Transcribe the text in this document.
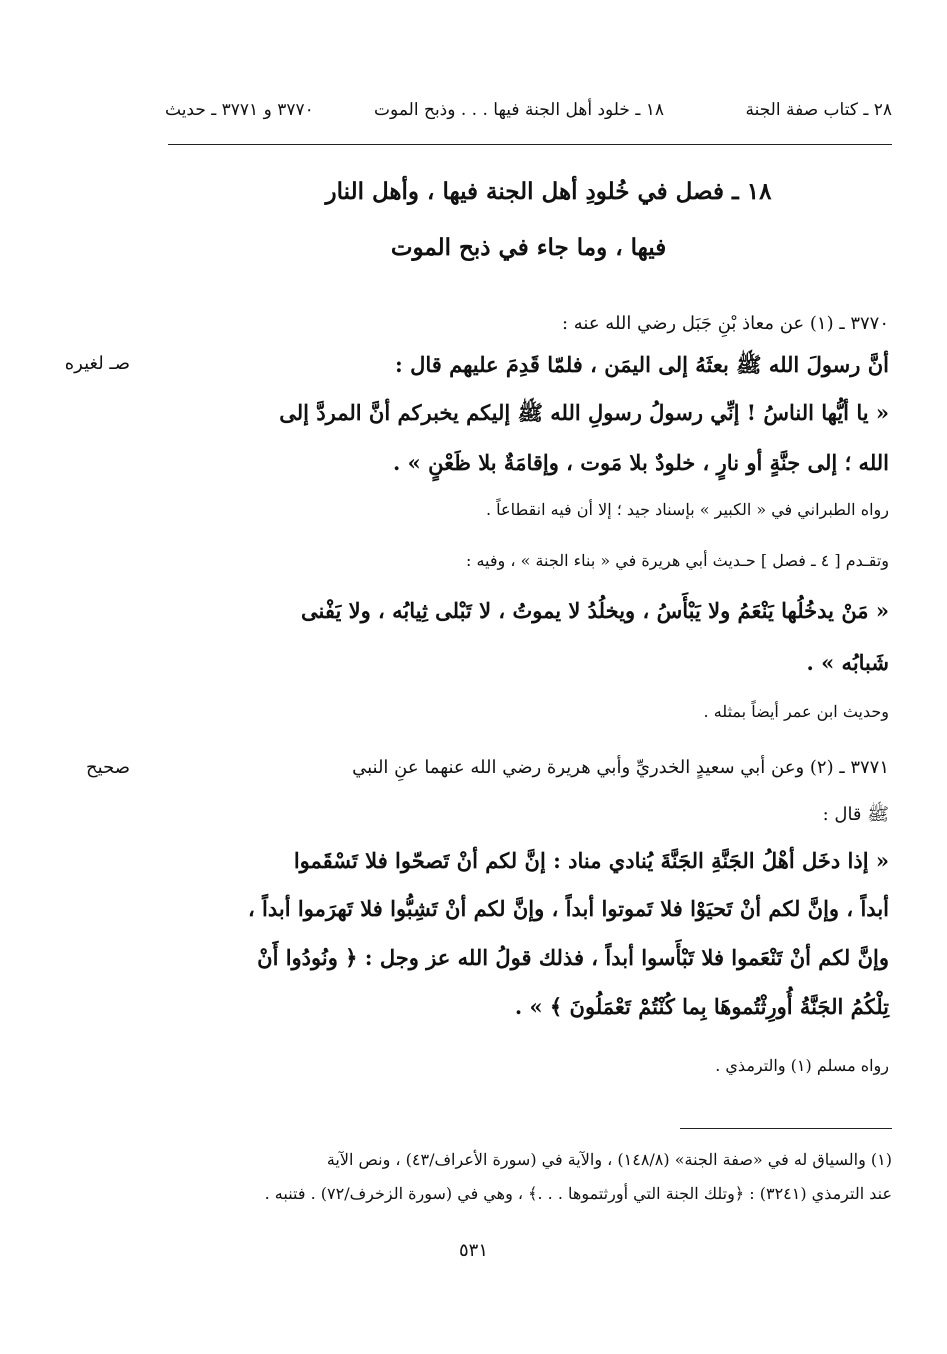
٢٨ ـ كتاب صفة الجنة
١٨ ـ خلود أهل الجنة فيها . . . وذبح الموت
٣٧٧٠ و ٣٧٧١ ـ حديث
١٨ ـ فصل في خُلودِ أهل الجنة فيها ، وأهل النار
فيها ، وما جاء في ذبح الموت
٣٧٧٠ ـ (١) عن معاذ بْنِ جَبَل رضي الله عنه :
صـ لغيره	أنَّ رسولَ الله ﷺ بعثَهُ إلى اليمَن ، فلمّا قَدِمَ عليهم قال :
« يا أيُّها الناسُ ! إنِّي رسولُ رسولِ الله ﷺ إليكم يخبركم أنَّ المردَّ إلى
الله ؛ إلى جنَّةٍ أو نارٍ ، خلودٌ بلا مَوت ، وإقامَةٌ بلا ظَعْنٍ » .
رواه الطبراني في « الكبير » بإسناد جيد ؛ إلا أن فيه انقطاعاً .
وتقـدم [ ٤ ـ فصل ] حـديث أبي هريرة في « بناء الجنة » ، وفيه :
« مَنْ يدخُلُها يَنْعَمُ ولا يَبْأَسُ ، ويخلُدُ لا يموتُ ، لا تَبْلى ثِيابُه ، ولا يَفْنى
شَبابُه » .
وحديث ابن عمر أيضاً بمثله .
٣٧٧١ ـ (٢) وعن أبي سعيدٍ الخدريِّ وأبي هريرة رضي الله عنهما عنِ النبي
صحيح
ﷺ قال :
« إذا دخَل أهْلُ الجَنَّةِ الجَنَّةَ يُنادي مناد : إنَّ لكم أنْ تَصحّوا فلا تَسْقَموا
أبداً ، وإنَّ لكم أنْ تَحيَوْا فلا تَموتوا أبداً ، وإنَّ لكم أنْ تَشِبُّوا فلا تَهرَموا أبداً ،
وإنَّ لكم أنْ تَنْعَموا فلا تَبْأَسوا أبداً ، فذلك قولُ الله عز وجل : ﴿ ونُودُوا أَنْ
تِلْكُمُ الجَنَّةُ أُورِثْتُموهَا بِما كُنْتُمْ تَعْمَلُونَ ﴾ » .
رواه مسلم (١) والترمذي .
(١) والسياق له في «صفة الجنة» (١٤٨/٨) ، والآية في (سورة الأعراف/٤٣) ، ونص الآية
عند الترمذي (٣٢٤١) : ﴿وتلك الجنة التي أورثتموها . . .﴾ ، وهي في (سورة الزخرف/٧٢) . فتنبه .
٥٣١
